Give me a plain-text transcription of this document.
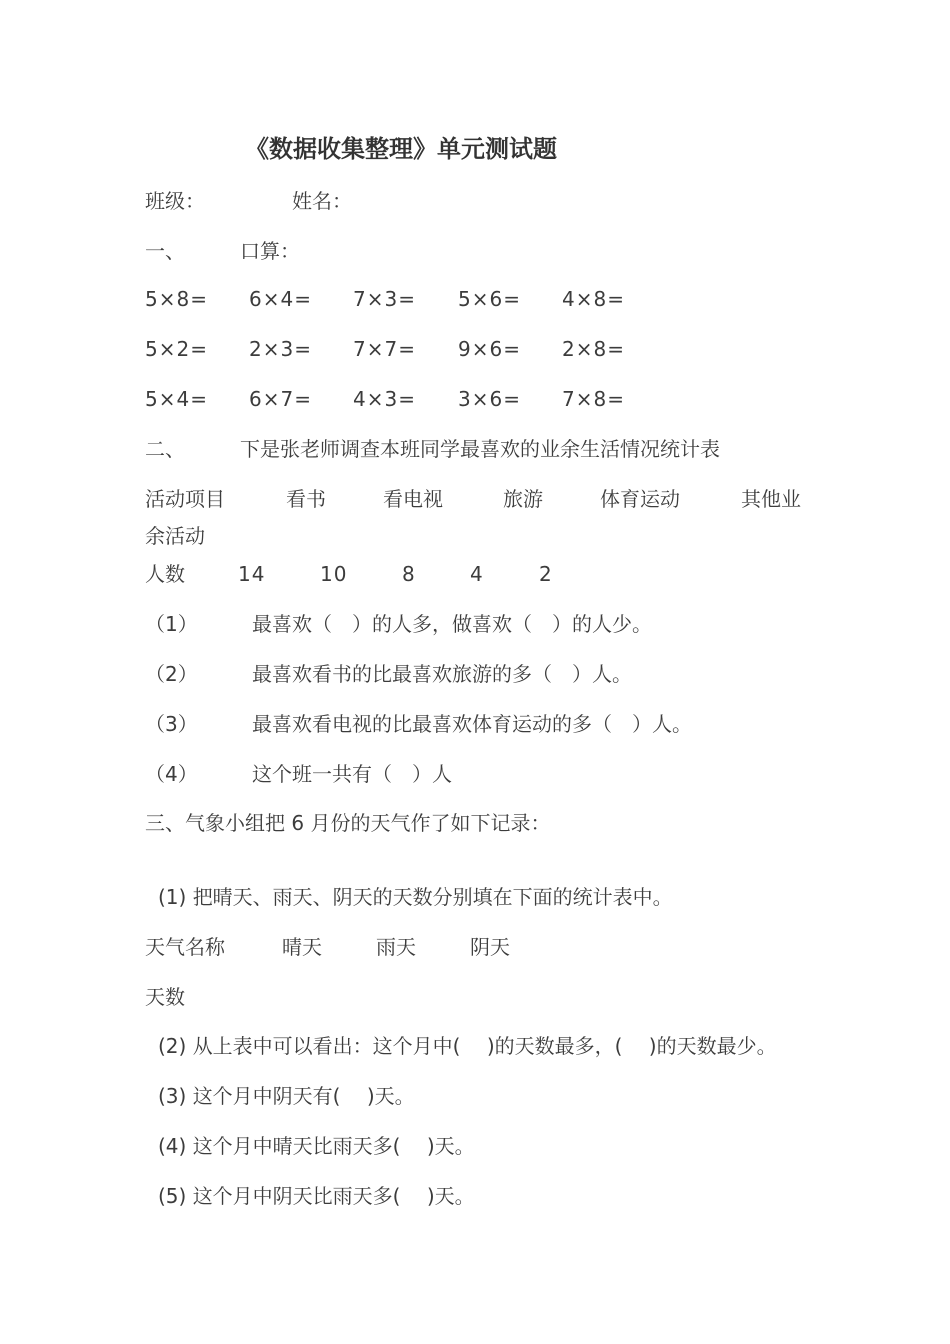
《数据收集整理》单元测试题
班级：	姓名：
一、	口算：
5×8= 6×4= 7×3= 5×6= 4×8=
5×2= 2×3= 7×7= 9×6= 2×8=
5×4= 6×7= 4×3= 3×6= 7×8=
二、	下是张老师调查本班同学最喜欢的业余生活情况统计表
活动项目	看书	看电视	旅游	体育运动	其他业
余活动
人数	14	10	8	4	2
（1）	最喜欢（　）的人多，做喜欢（　）的人少。
（2）	最喜欢看书的比最喜欢旅游的多（　）人。
（3）	最喜欢看电视的比最喜欢体育运动的多（　）人。
（4）	这个班一共有（　）人
三、气象小组把 6 月份的天气作了如下记录：
(1) 把晴天、雨天、阴天的天数分别填在下面的统计表中。
天气名称	晴天	雨天	阴天
天数
(2) 从上表中可以看出：这个月中(　 )的天数最多，(　 )的天数最少。
(3) 这个月中阴天有(　 )天。
(4) 这个月中晴天比雨天多(　 )天。
(5) 这个月中阴天比雨天多(　 )天。
